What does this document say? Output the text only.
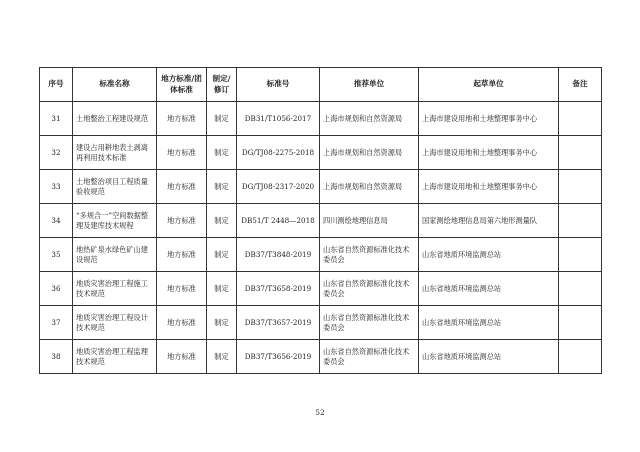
序号	标准名称	地方标准/团体标准	制定/修订	标准号	推荐单位	起草单位	备注
31	土地整治工程建设规范	地方标准	制定	DB31/T1056-2017	上海市规划和自然资源局	上海市建设用地和土地整理事务中心	
32	建设占用耕地表土剥离再利用技术标准	地方标准	制定	DG/TJ08-2275-2018	上海市规划和自然资源局	上海市建设用地和土地整理事务中心	
33	土地整治项目工程质量验收规范	地方标准	制定	DG/TJ08-2317-2020	上海市规划和自然资源局	上海市建设用地和土地整理事务中心	
34	“多规合一”空间数据整理及建库技术规程	地方标准	制定	DB51/T 2448—2018	四川测绘地理信息局	国家测绘地理信息局第六地形测量队	
35	地热矿泉水绿色矿山建设规范	地方标准	制定	DB37/T3848-2019	山东省自然资源标准化技术委员会	山东省地质环境监测总站	
36	地质灾害治理工程施工技术规范	地方标准	制定	DB37/T3658-2019	山东省自然资源标准化技术委员会	山东省地质环境监测总站	
37	地质灾害治理工程设计技术规范	地方标准	制定	DB37/T3657-2019	山东省自然资源标准化技术委员会	山东省地质环境监测总站	
38	地质灾害治理工程监理技术规范	地方标准	制定	DB37/T3656-2019	山东省自然资源标准化技术委员会	山东省地质环境监测总站	
52
